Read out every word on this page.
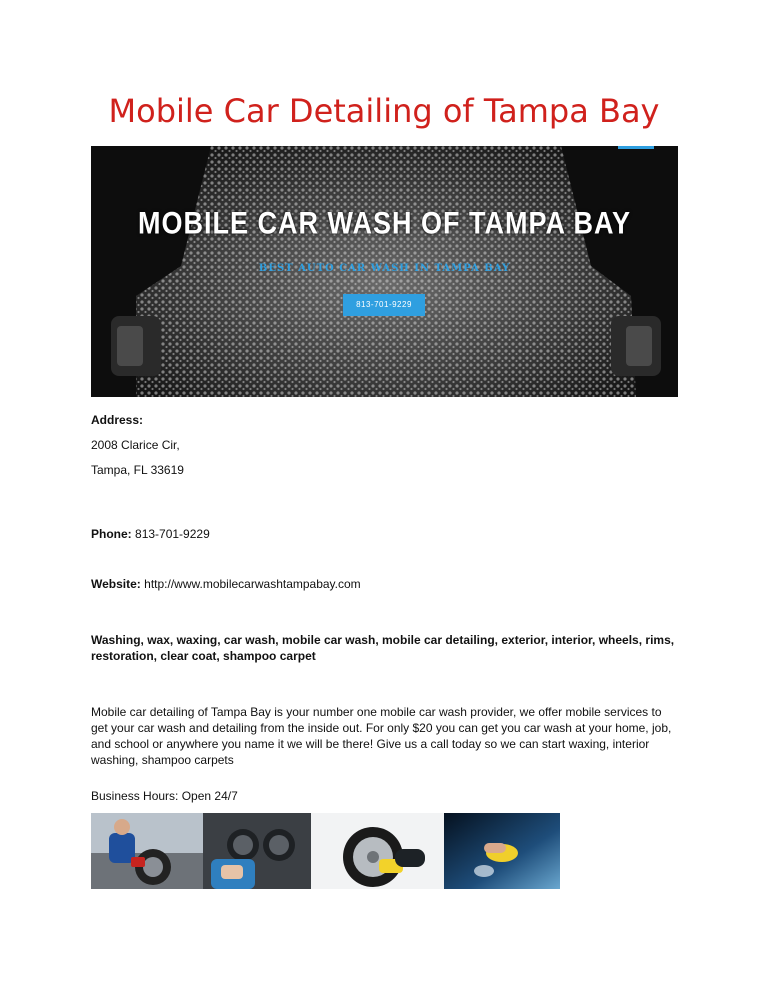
Mobile Car Detailing of Tampa Bay
MOBILE CAR WASH OF TAMPA BAY
BEST AUTO CAR WASH IN TAMPA BAY
813-701-9229
Address:
2008 Clarice Cir,
Tampa, FL 33619
Phone: 813-701-9229
Website: http://www.mobilecarwashtampabay.com
Washing, wax, waxing, car wash, mobile car wash, mobile car detailing, exterior, interior, wheels, rims, restoration, clear coat, shampoo carpet
Mobile car detailing of Tampa Bay is your number one mobile car wash provider, we offer mobile services to get your car wash and detailing from the inside out. For only $20 you can get you car wash at your home, job, and school or anywhere you name it we will be there! Give us a call today so we can start waxing, interior washing, shampoo carpets
Business Hours: Open 24/7
